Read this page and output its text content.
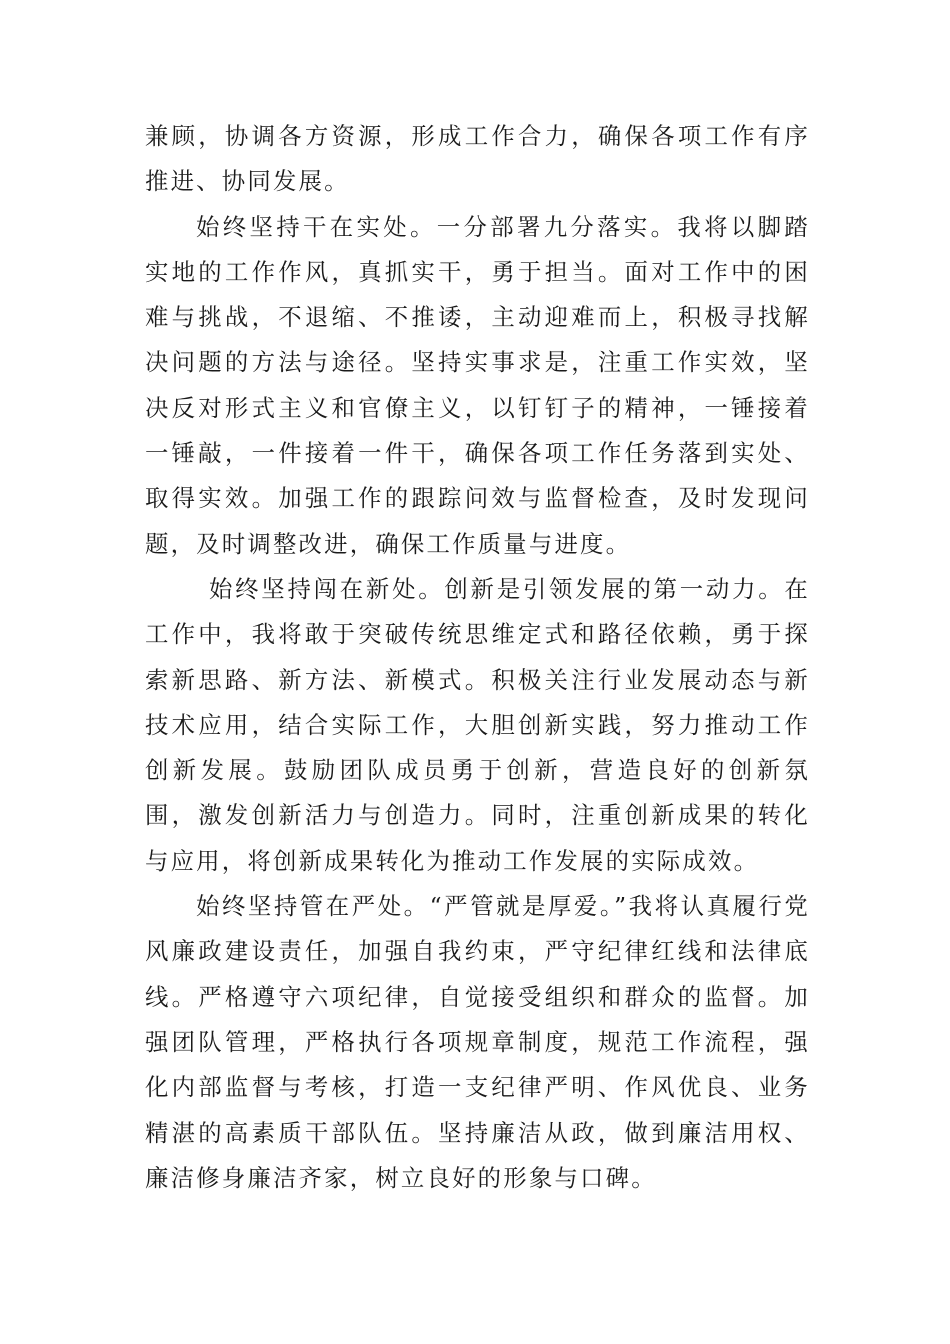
兼顾，协调各方资源，形成工作合力，确保各项工作有序推进、协同发展。

始终坚持干在实处。一分部署九分落实。我将以脚踏实地的工作作风，真抓实干，勇于担当。面对工作中的困难与挑战，不退缩、不推诿，主动迎难而上，积极寻找解决问题的方法与途径。坚持实事求是，注重工作实效，坚决反对形式主义和官僚主义，以钉钉子的精神，一锤接着一锤敲，一件接着一件干，确保各项工作任务落到实处、取得实效。加强工作的跟踪问效与监督检查，及时发现问题，及时调整改进，确保工作质量与进度。

始终坚持闯在新处。创新是引领发展的第一动力。在工作中，我将敢于突破传统思维定式和路径依赖，勇于探索新思路、新方法、新模式。积极关注行业发展动态与新技术应用，结合实际工作，大胆创新实践，努力推动工作创新发展。鼓励团队成员勇于创新，营造良好的创新氛围，激发创新活力与创造力。同时，注重创新成果的转化与应用，将创新成果转化为推动工作发展的实际成效。

始终坚持管在严处。“严管就是厚爱。”我将认真履行党风廉政建设责任，加强自我约束，严守纪律红线和法律底线。严格遵守六项纪律，自觉接受组织和群众的监督。加强团队管理，严格执行各项规章制度，规范工作流程，强化内部监督与考核，打造一支纪律严明、作风优良、业务精湛的高素质干部队伍。坚持廉洁从政，做到廉洁用权、廉洁修身廉洁齐家，树立良好的形象与口碑。
